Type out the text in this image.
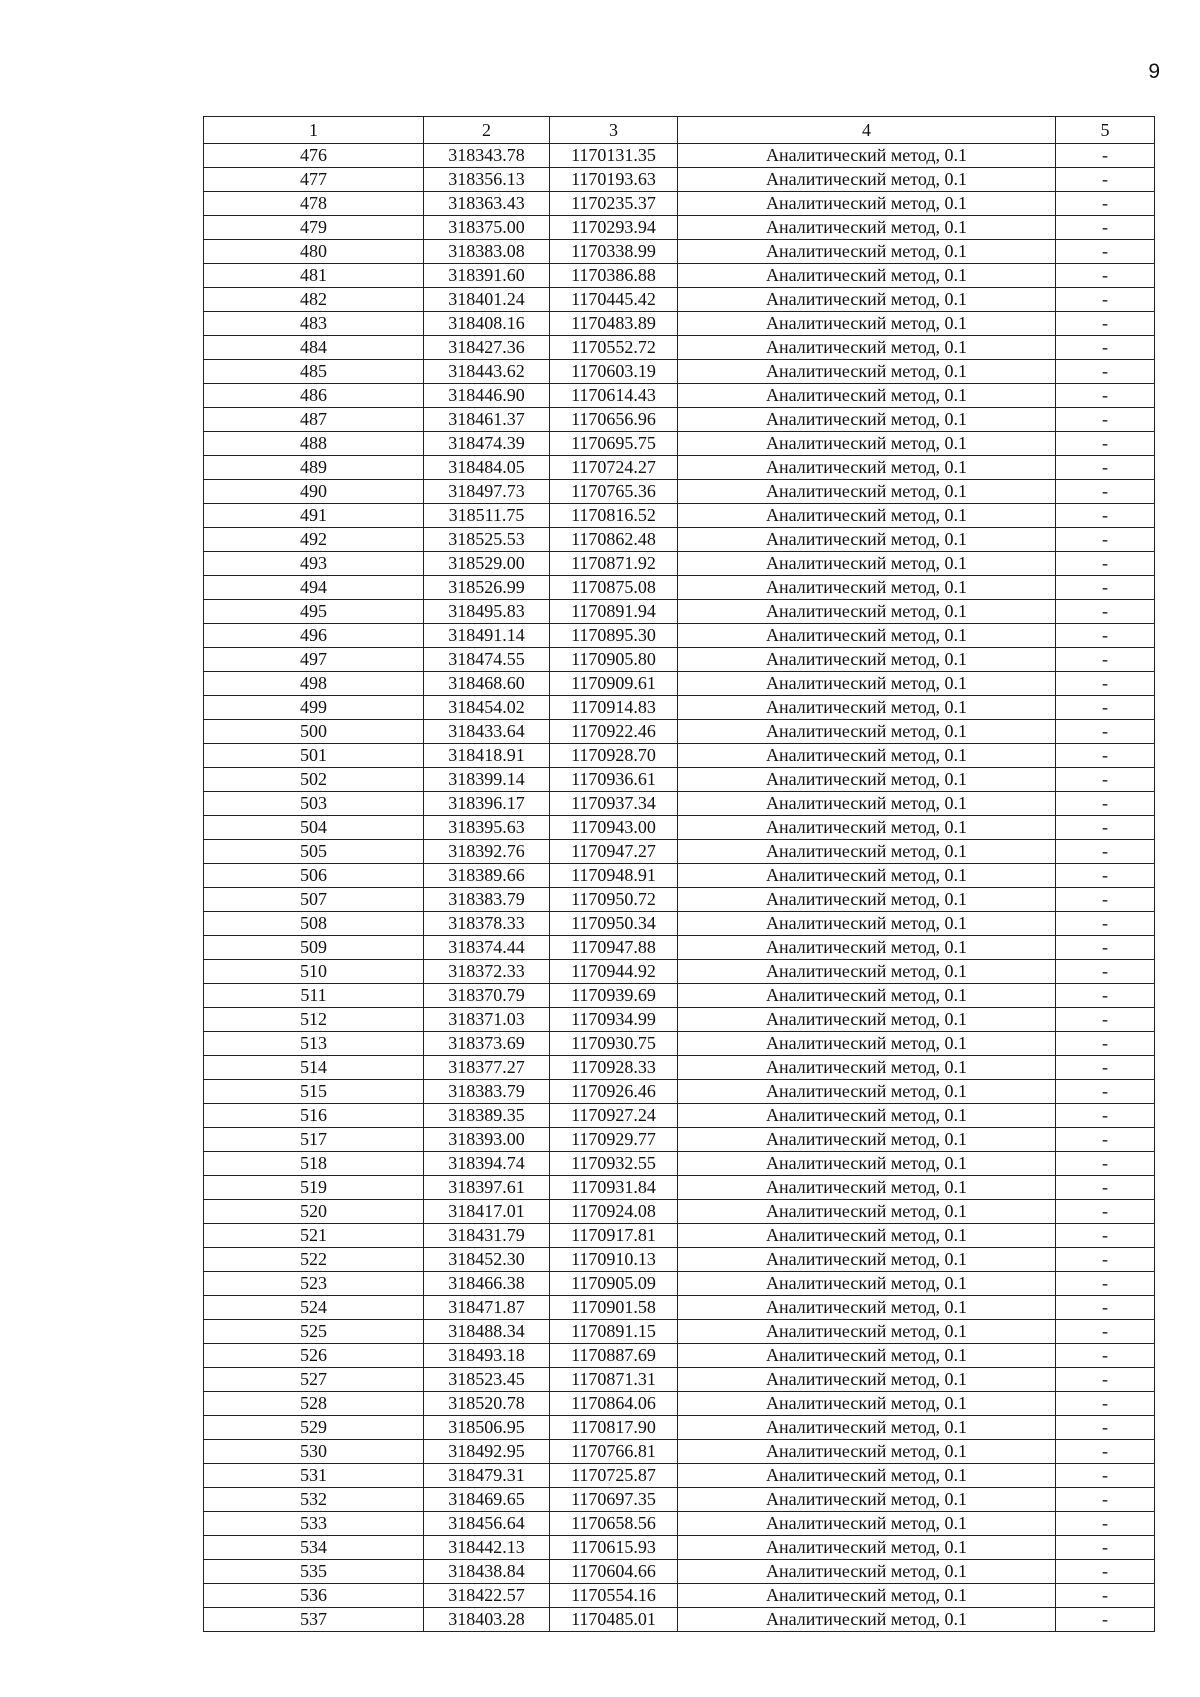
9
1	2	3	4	5
476	318343.78	1170131.35	Аналитический метод, 0.1	-
477	318356.13	1170193.63	Аналитический метод, 0.1	-
478	318363.43	1170235.37	Аналитический метод, 0.1	-
479	318375.00	1170293.94	Аналитический метод, 0.1	-
480	318383.08	1170338.99	Аналитический метод, 0.1	-
481	318391.60	1170386.88	Аналитический метод, 0.1	-
482	318401.24	1170445.42	Аналитический метод, 0.1	-
483	318408.16	1170483.89	Аналитический метод, 0.1	-
484	318427.36	1170552.72	Аналитический метод, 0.1	-
485	318443.62	1170603.19	Аналитический метод, 0.1	-
486	318446.90	1170614.43	Аналитический метод, 0.1	-
487	318461.37	1170656.96	Аналитический метод, 0.1	-
488	318474.39	1170695.75	Аналитический метод, 0.1	-
489	318484.05	1170724.27	Аналитический метод, 0.1	-
490	318497.73	1170765.36	Аналитический метод, 0.1	-
491	318511.75	1170816.52	Аналитический метод, 0.1	-
492	318525.53	1170862.48	Аналитический метод, 0.1	-
493	318529.00	1170871.92	Аналитический метод, 0.1	-
494	318526.99	1170875.08	Аналитический метод, 0.1	-
495	318495.83	1170891.94	Аналитический метод, 0.1	-
496	318491.14	1170895.30	Аналитический метод, 0.1	-
497	318474.55	1170905.80	Аналитический метод, 0.1	-
498	318468.60	1170909.61	Аналитический метод, 0.1	-
499	318454.02	1170914.83	Аналитический метод, 0.1	-
500	318433.64	1170922.46	Аналитический метод, 0.1	-
501	318418.91	1170928.70	Аналитический метод, 0.1	-
502	318399.14	1170936.61	Аналитический метод, 0.1	-
503	318396.17	1170937.34	Аналитический метод, 0.1	-
504	318395.63	1170943.00	Аналитический метод, 0.1	-
505	318392.76	1170947.27	Аналитический метод, 0.1	-
506	318389.66	1170948.91	Аналитический метод, 0.1	-
507	318383.79	1170950.72	Аналитический метод, 0.1	-
508	318378.33	1170950.34	Аналитический метод, 0.1	-
509	318374.44	1170947.88	Аналитический метод, 0.1	-
510	318372.33	1170944.92	Аналитический метод, 0.1	-
511	318370.79	1170939.69	Аналитический метод, 0.1	-
512	318371.03	1170934.99	Аналитический метод, 0.1	-
513	318373.69	1170930.75	Аналитический метод, 0.1	-
514	318377.27	1170928.33	Аналитический метод, 0.1	-
515	318383.79	1170926.46	Аналитический метод, 0.1	-
516	318389.35	1170927.24	Аналитический метод, 0.1	-
517	318393.00	1170929.77	Аналитический метод, 0.1	-
518	318394.74	1170932.55	Аналитический метод, 0.1	-
519	318397.61	1170931.84	Аналитический метод, 0.1	-
520	318417.01	1170924.08	Аналитический метод, 0.1	-
521	318431.79	1170917.81	Аналитический метод, 0.1	-
522	318452.30	1170910.13	Аналитический метод, 0.1	-
523	318466.38	1170905.09	Аналитический метод, 0.1	-
524	318471.87	1170901.58	Аналитический метод, 0.1	-
525	318488.34	1170891.15	Аналитический метод, 0.1	-
526	318493.18	1170887.69	Аналитический метод, 0.1	-
527	318523.45	1170871.31	Аналитический метод, 0.1	-
528	318520.78	1170864.06	Аналитический метод, 0.1	-
529	318506.95	1170817.90	Аналитический метод, 0.1	-
530	318492.95	1170766.81	Аналитический метод, 0.1	-
531	318479.31	1170725.87	Аналитический метод, 0.1	-
532	318469.65	1170697.35	Аналитический метод, 0.1	-
533	318456.64	1170658.56	Аналитический метод, 0.1	-
534	318442.13	1170615.93	Аналитический метод, 0.1	-
535	318438.84	1170604.66	Аналитический метод, 0.1	-
536	318422.57	1170554.16	Аналитический метод, 0.1	-
537	318403.28	1170485.01	Аналитический метод, 0.1	-
